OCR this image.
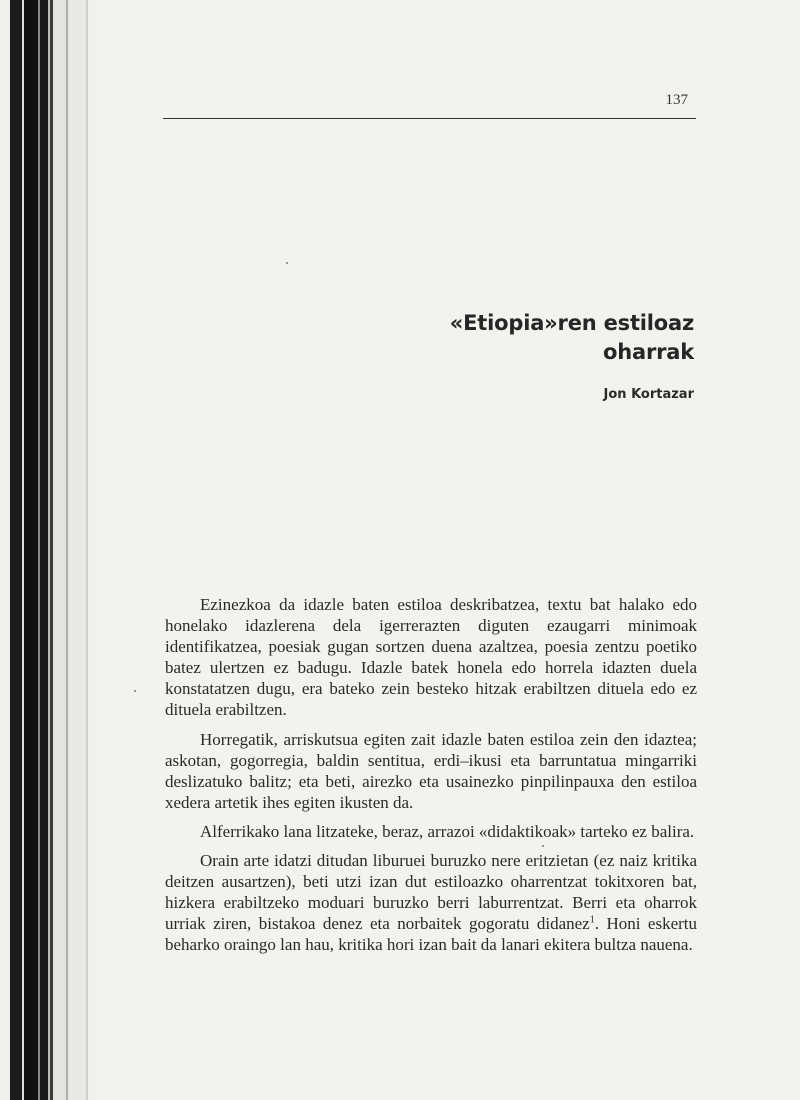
137
«Etiopia»ren estiloaz
oharrak
Jon Kortazar

Ezinezkoa da idazle baten estiloa deskribatzea, textu bat halako edo honelako idazlerena dela igerrerazten diguten ezaugarri minimoak identifikatzea, poesiak gugan sortzen duena azaltzea, poesia zentzu poetiko batez ulertzen ez badugu. Idazle batek honela edo horrela idazten duela konstatatzen dugu, era bateko zein besteko hitzak erabiltzen dituela edo ez dituela erabiltzen.

Horregatik, arriskutsua egiten zait idazle baten estiloa zein den idaztea; askotan, gogorregia, baldin sentitua, erdi–ikusi eta barruntatua mingarriki deslizatuko balitz; eta beti, airezko eta usainezko pinpilinpauxa den estiloa xedera artetik ihes egiten ikusten da.

Alferrikako lana litzateke, beraz, arrazoi «didaktikoak» tarteko ez balira.

Orain arte idatzi ditudan liburuei buruzko nere eritzietan (ez naiz kritika deitzen ausartzen), beti utzi izan dut estiloazko oharrentzat tokitxoren bat, hizkera erabiltzeko moduari buruzko berri laburrentzat. Berri eta oharrok urriak ziren, bistakoa denez eta norbaitek gogoratu didanez$^1$. Honi eskertu beharko oraingo lan hau, kritika hori izan bait da lanari ekitera bultza nauena.
